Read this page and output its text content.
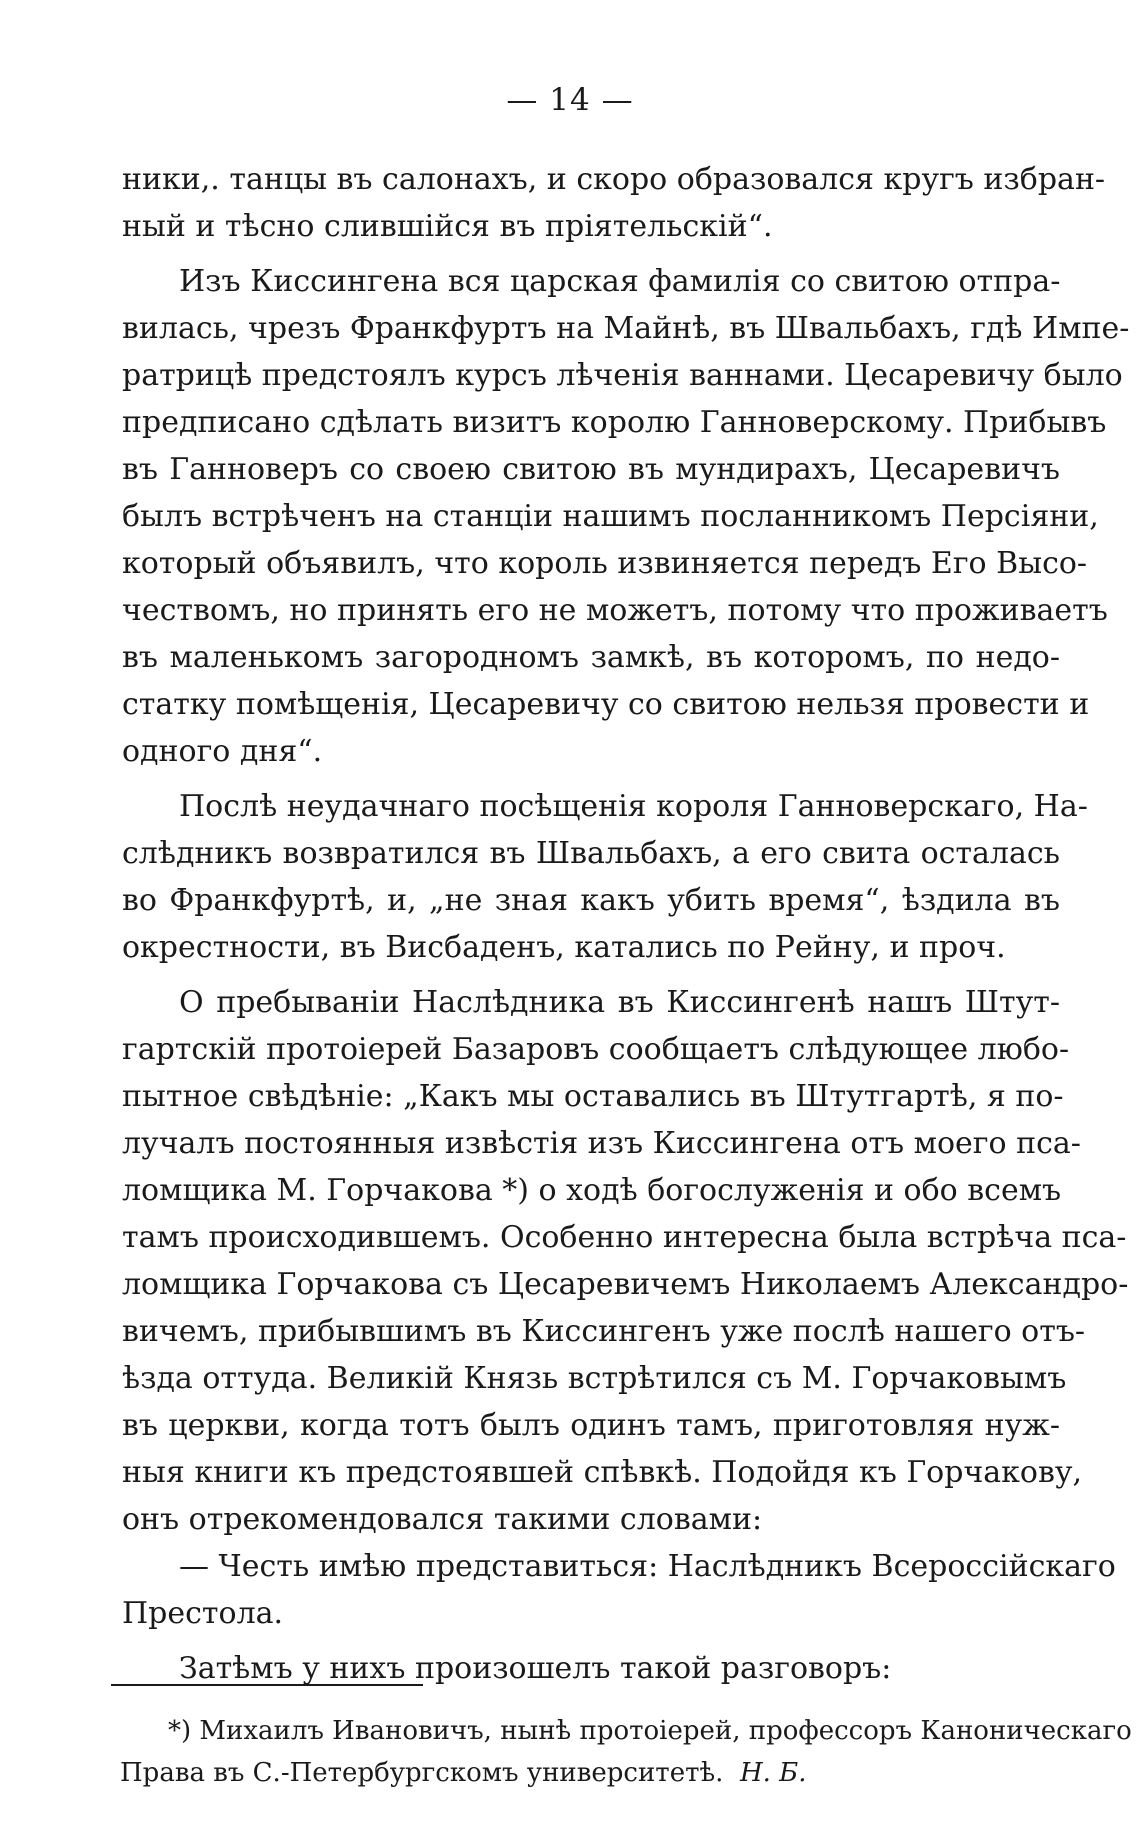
— 14 —
ники,. танцы въ салонахъ, и скоро образовался кругъ избран-
ный и тѣсно слившійся въ пріятельскій“.
Изъ Киссингена вся царская фамилія со свитою отпра-
вилась, чрезъ Франкфуртъ на Майнѣ, въ Швальбахъ, гдѣ Импе-
ратрицѣ предстоялъ курсъ лѣченія ваннами. Цесаревичу было
предписано сдѣлать визитъ королю Ганноверскому. Прибывъ
въ Ганноверъ со своею свитою въ мундирахъ, Цесаревичъ
былъ встрѣченъ на станціи нашимъ посланникомъ Персіяни,
который объявилъ, что король извиняется передъ Его Высо-
чествомъ, но принять его не можетъ, потому что проживаетъ
въ маленькомъ загородномъ замкѣ, въ которомъ, по недо-
статку помѣщенія, Цесаревичу со свитою нельзя провести и
одного дня“.
Послѣ неудачнаго посѣщенія короля Ганноверскаго, На-
слѣдникъ возвратился въ Швальбахъ, а его свита осталась
во Франкфуртѣ, и, „не зная какъ убить время“, ѣздила въ
окрестности, въ Висбаденъ, катались по Рейну, и проч.
О пребываніи Наслѣдника въ Киссингенѣ нашъ Штут-
гартскій протоіерей Базаровъ сообщаетъ слѣдующее любо-
пытное свѣдѣніе: „Какъ мы оставались въ Штутгартѣ, я по-
лучалъ постоянныя извѣстія изъ Киссингена отъ моего пса-
ломщика М. Горчакова *) о ходѣ богослуженія и обо всемъ
тамъ происходившемъ. Особенно интересна была встрѣча пса-
ломщика Горчакова съ Цесаревичемъ Николаемъ Александро-
вичемъ, прибывшимъ въ Киссингенъ уже послѣ нашего отъ-
ѣзда оттуда. Великій Князь встрѣтился съ М. Горчаковымъ
въ церкви, когда тотъ былъ одинъ тамъ, приготовляя нуж-
ныя книги къ предстоявшей спѣвкѣ. Подойдя къ Горчакову,
онъ отрекомендовался такими словами:
— Честь имѣю представиться: Наслѣдникъ Всероссійскаго
Престола.
Затѣмъ у нихъ произошелъ такой разговоръ:
*) Михаилъ Ивановичъ, нынѣ протоіерей, профессоръ Каноническаго
Права въ С.-Петербургскомъ университетѣ. Н. Б.
